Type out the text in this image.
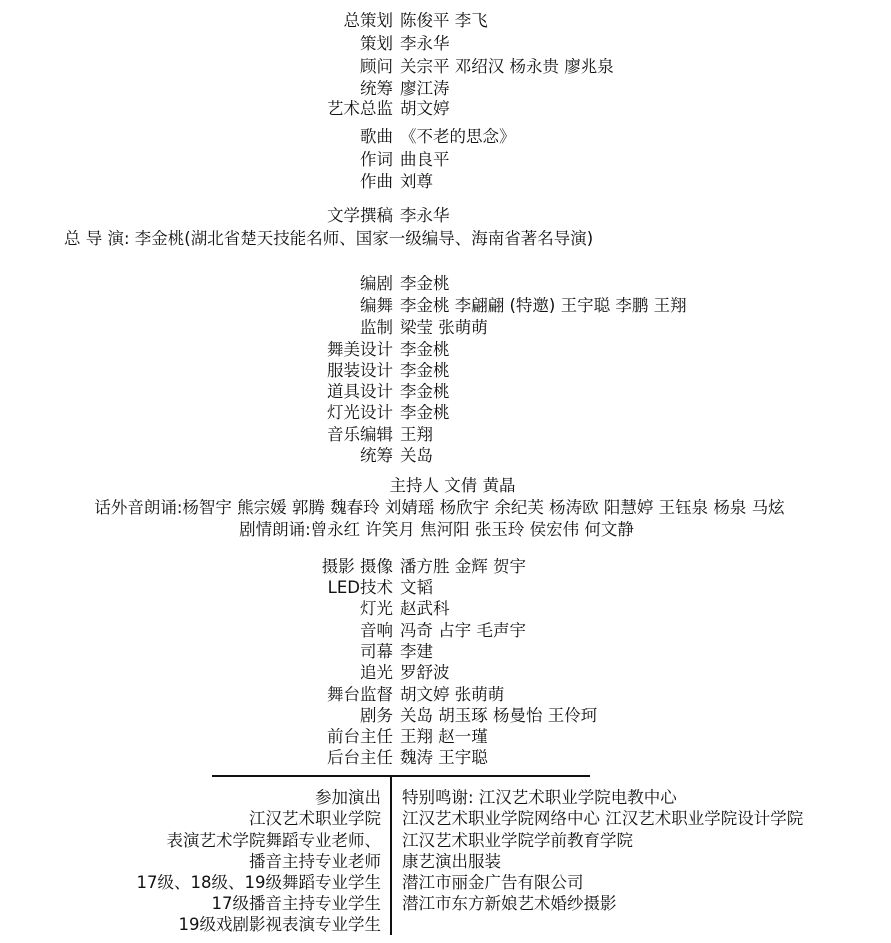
总策划 陈俊平 李飞
策划 李永华
顾问 关宗平 邓绍汉 杨永贵 廖兆泉
统筹 廖江涛
艺术总监 胡文婷
歌曲 《不老的思念》
作词 曲良平
作曲 刘尊
文学撰稿 李永华
总 导 演: 李金桃(湖北省楚天技能名师、国家一级编导、海南省著名导演)
编剧 李金桃
编舞 李金桃 李翩翩 (特邀) 王宇聪 李鹏 王翔
监制 梁莹 张萌萌
舞美设计 李金桃
服装设计 李金桃
道具设计 李金桃
灯光设计 李金桃
音乐编辑 王翔
统筹 关岛
主持人 文倩 黄晶
话外音朗诵:杨智宇 熊宗媛 郭腾 魏春玲 刘婧瑶 杨欣宇 余纪芙 杨涛欧 阳慧婷 王钰泉 杨泉 马炫
剧情朗诵:曾永红 许笑月 焦河阳 张玉玲 侯宏伟 何文静
摄影 摄像 潘方胜 金辉 贺宇
LED技术 文韬
灯光 赵武科
音响 冯奇 占宇 毛声宇
司幕 李建
追光 罗舒波
舞台监督 胡文婷 张萌萌
剧务 关岛 胡玉琢 杨曼怡 王伶珂
前台主任 王翔 赵一瑾
后台主任 魏涛 王宇聪
参加演出
江汉艺术职业学院
表演艺术学院舞蹈专业老师、
播音主持专业老师
17级、18级、19级舞蹈专业学生
17级播音主持专业学生
19级戏剧影视表演专业学生
特别鸣谢: 江汉艺术职业学院电教中心
江汉艺术职业学院网络中心 江汉艺术职业学院设计学院
江汉艺术职业学院学前教育学院
康艺演出服装
潜江市丽金广告有限公司
潜江市东方新娘艺术婚纱摄影
